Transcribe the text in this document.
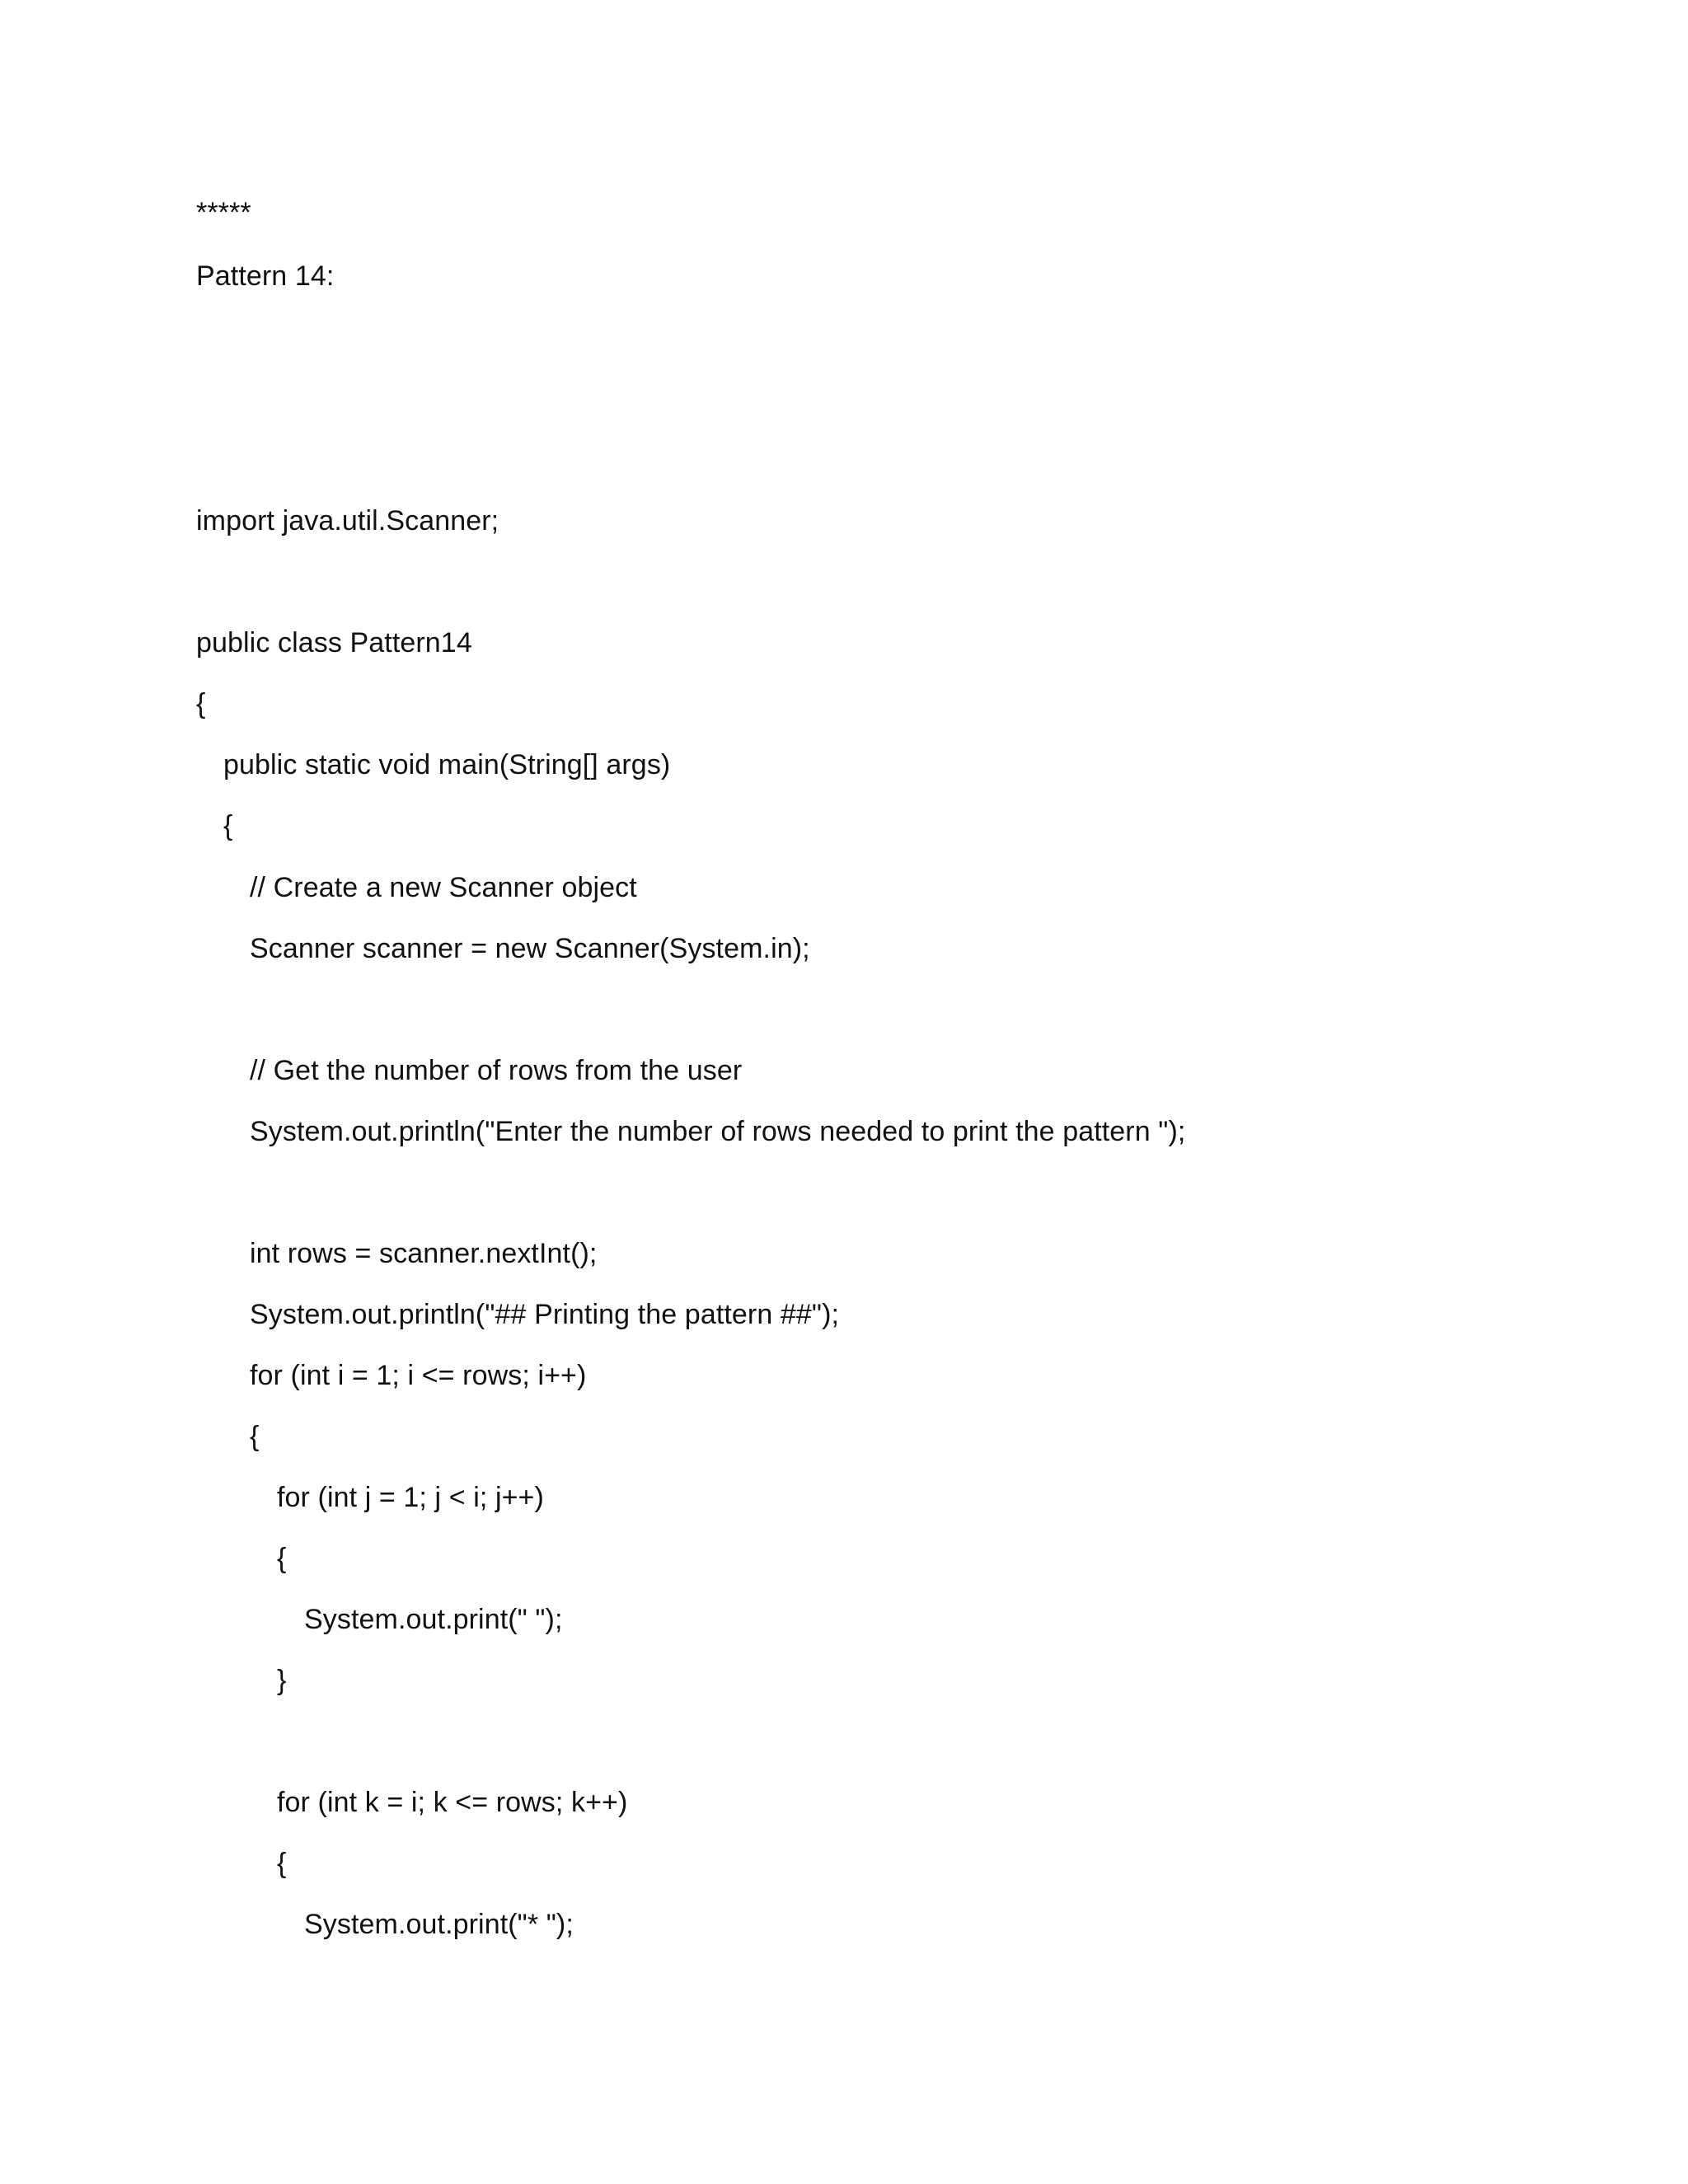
*****
Pattern 14:
import java.util.Scanner;
public class Pattern14
{
public static void main(String[] args)
{
// Create a new Scanner object
Scanner scanner = new Scanner(System.in);
// Get the number of rows from the user
System.out.println("Enter the number of rows needed to print the pattern ");
int rows = scanner.nextInt();
System.out.println("## Printing the pattern ##");
for (int i = 1; i <= rows; i++)
{
for (int j = 1; j < i; j++)
{
System.out.print(" ");
}
for (int k = i; k <= rows; k++)
{
System.out.print("* ");
